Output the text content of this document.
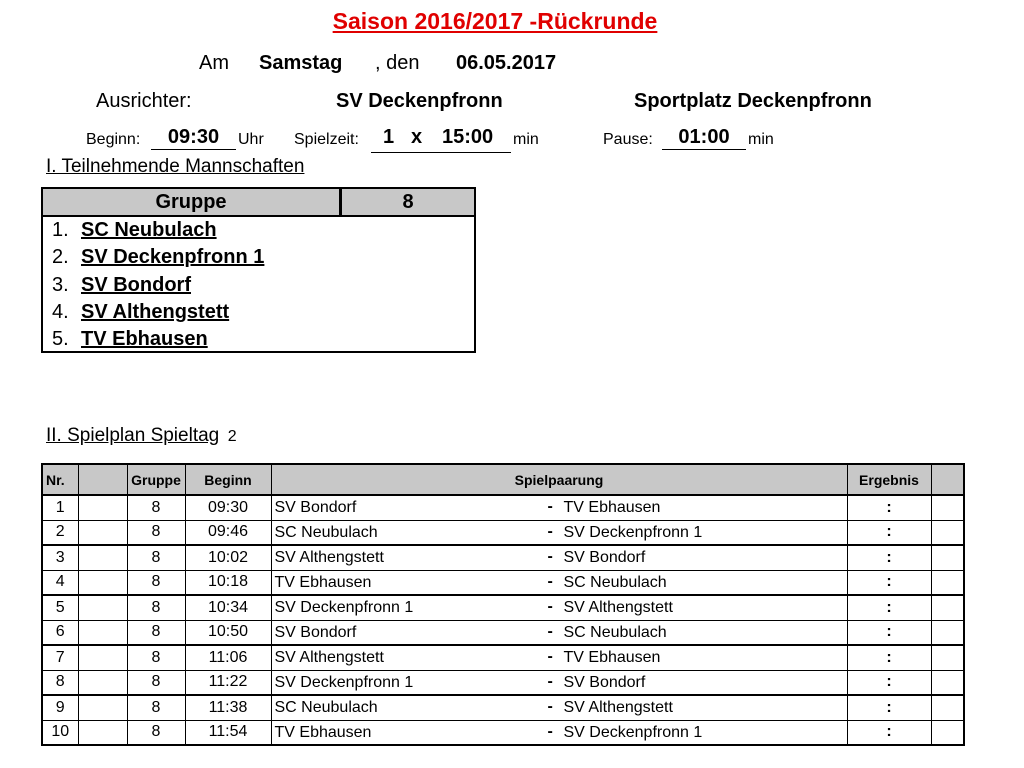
Saison 2016/2017 -Rückrunde
Am Samstag , den 06.05.2017
Ausrichter:	SV Deckenpfronn	Sportplatz Deckenpfronn
Beginn:	09:30	Uhr Spielzeit: 1 x 15:00 min	Pause:	01:00	min
I. Teilnehmende Mannschaften
Gruppe	8
1. SC Neubulach
2. SV Deckenpfronn 1
3. SV Bondorf
4. SV Althengstett
5. TV Ebhausen
II. Spielplan Spieltag 2
Nr.		Gruppe	Beginn	Spielpaarung	Ergebnis	
1		8	09:30	SV Bondorf - TV Ebhausen	:	
2		8	09:46	SC Neubulach - SV Deckenpfronn 1	:	
3		8	10:02	SV Althengstett - SV Bondorf	:	
4		8	10:18	TV Ebhausen - SC Neubulach	:	
5		8	10:34	SV Deckenpfronn 1 - SV Althengstett	:	
6		8	10:50	SV Bondorf - SC Neubulach	:	
7		8	11:06	SV Althengstett - TV Ebhausen	:	
8		8	11:22	SV Deckenpfronn 1 - SV Bondorf	:	
9		8	11:38	SC Neubulach - SV Althengstett	:	
10		8	11:54	TV Ebhausen - SV Deckenpfronn 1	:	
